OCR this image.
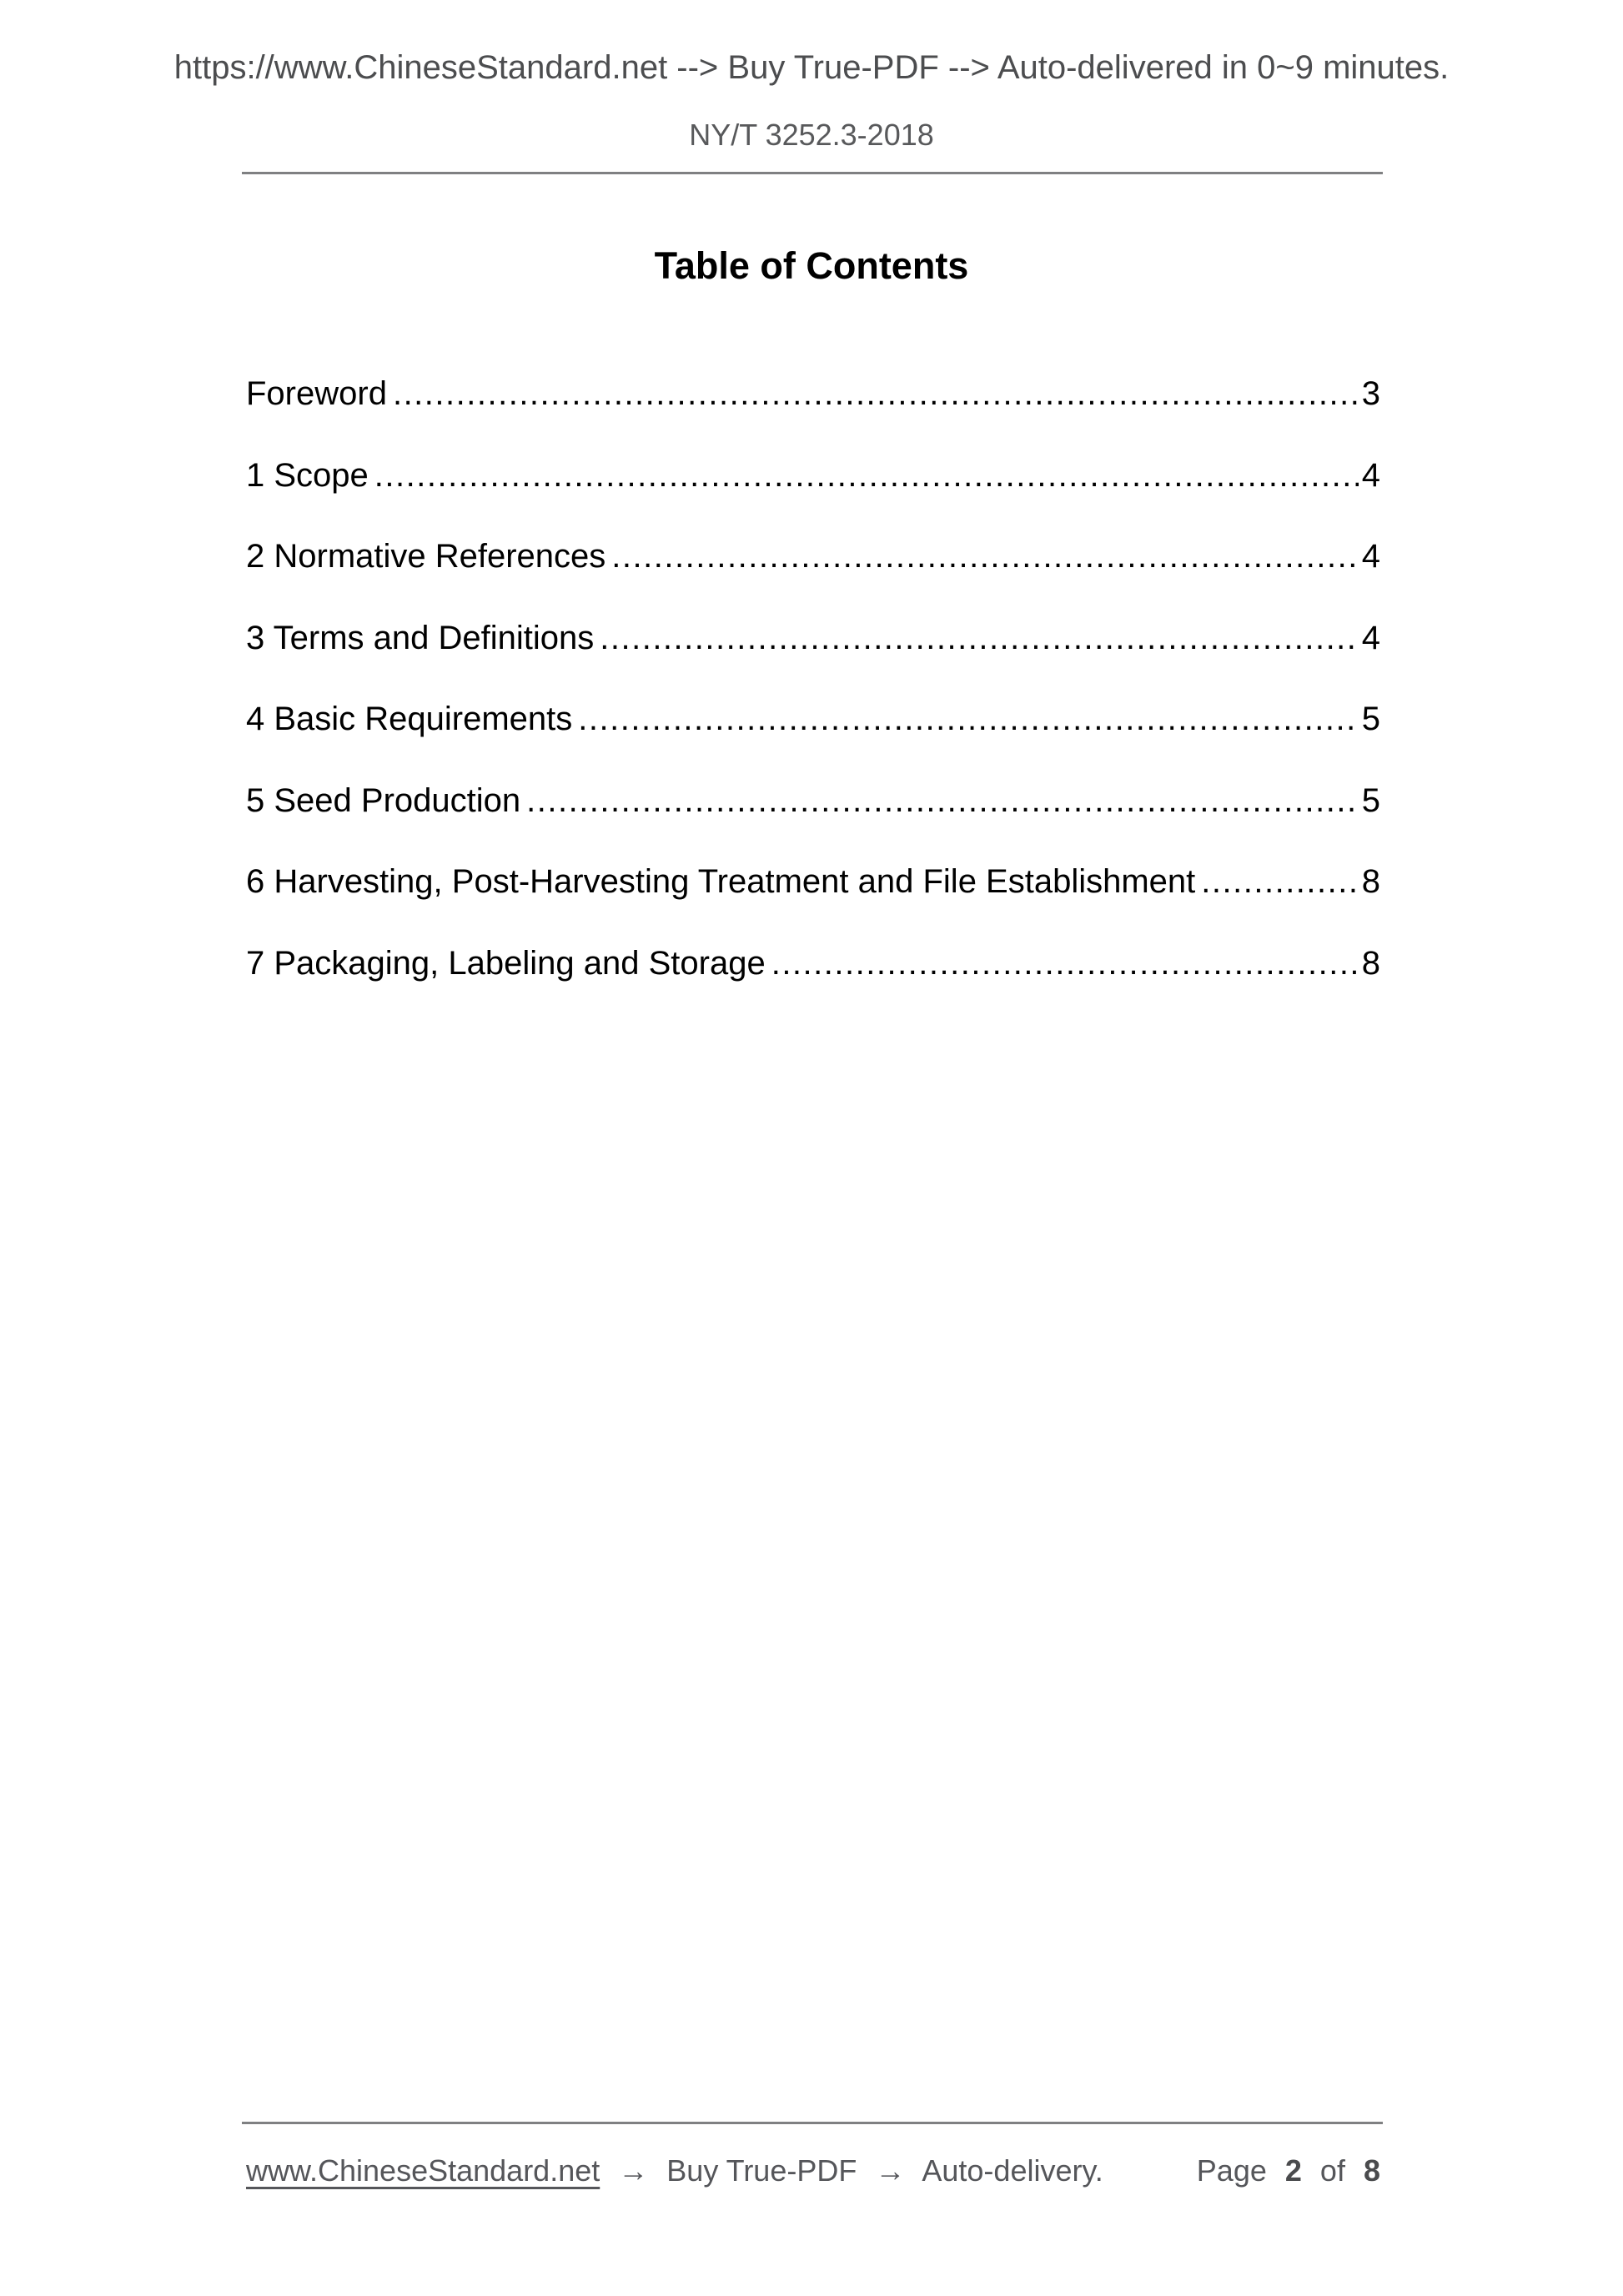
https://www.ChineseStandard.net --> Buy True-PDF --> Auto-delivered in 0~9 minutes.
NY/T 3252.3-2018
Table of Contents
Foreword .....	3
1 Scope .....	4
2 Normative References .....	4
3 Terms and Definitions .....	4
4 Basic Requirements .....	5
5 Seed Production .....	5
6 Harvesting, Post-Harvesting Treatment and File Establishment .....	8
7 Packaging, Labeling and Storage .....	8
www.ChineseStandard.net → Buy True-PDF → Auto-delivery.	Page 2 of 8
